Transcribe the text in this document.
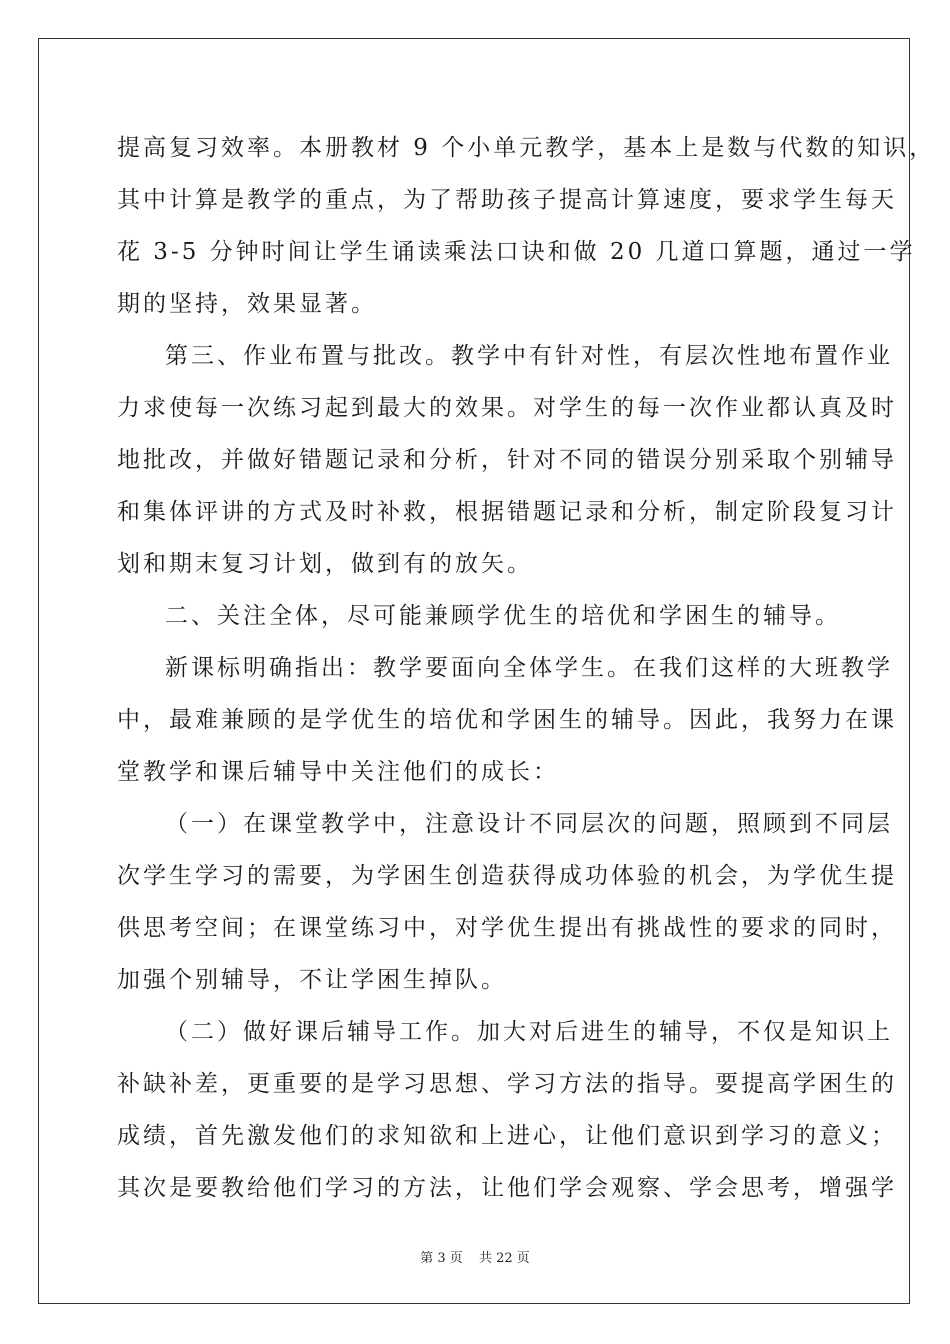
提高复习效率。本册教材 9 个小单元教学，基本上是数与代数的知识，
其中计算是教学的重点，为了帮助孩子提高计算速度，要求学生每天
花 3-5 分钟时间让学生诵读乘法口诀和做 20 几道口算题，通过一学
期的坚持，效果显著。
第三、作业布置与批改。教学中有针对性，有层次性地布置作业
力求使每一次练习起到最大的效果。对学生的每一次作业都认真及时
地批改，并做好错题记录和分析，针对不同的错误分别采取个别辅导
和集体评讲的方式及时补救，根据错题记录和分析，制定阶段复习计
划和期末复习计划，做到有的放矢。
二、关注全体，尽可能兼顾学优生的培优和学困生的辅导。
新课标明确指出：教学要面向全体学生。在我们这样的大班教学
中，最难兼顾的是学优生的培优和学困生的辅导。因此，我努力在课
堂教学和课后辅导中关注他们的成长：
（一）在课堂教学中，注意设计不同层次的问题，照顾到不同层
次学生学习的需要，为学困生创造获得成功体验的机会，为学优生提
供思考空间；在课堂练习中，对学优生提出有挑战性的要求的同时，
加强个别辅导，不让学困生掉队。
（二）做好课后辅导工作。加大对后进生的辅导，不仅是知识上
补缺补差，更重要的是学习思想、学习方法的指导。要提高学困生的
成绩，首先激发他们的求知欲和上进心，让他们意识到学习的意义；
其次是要教给他们学习的方法，让他们学会观察、学会思考，增强学
第 3 页 共 22 页
